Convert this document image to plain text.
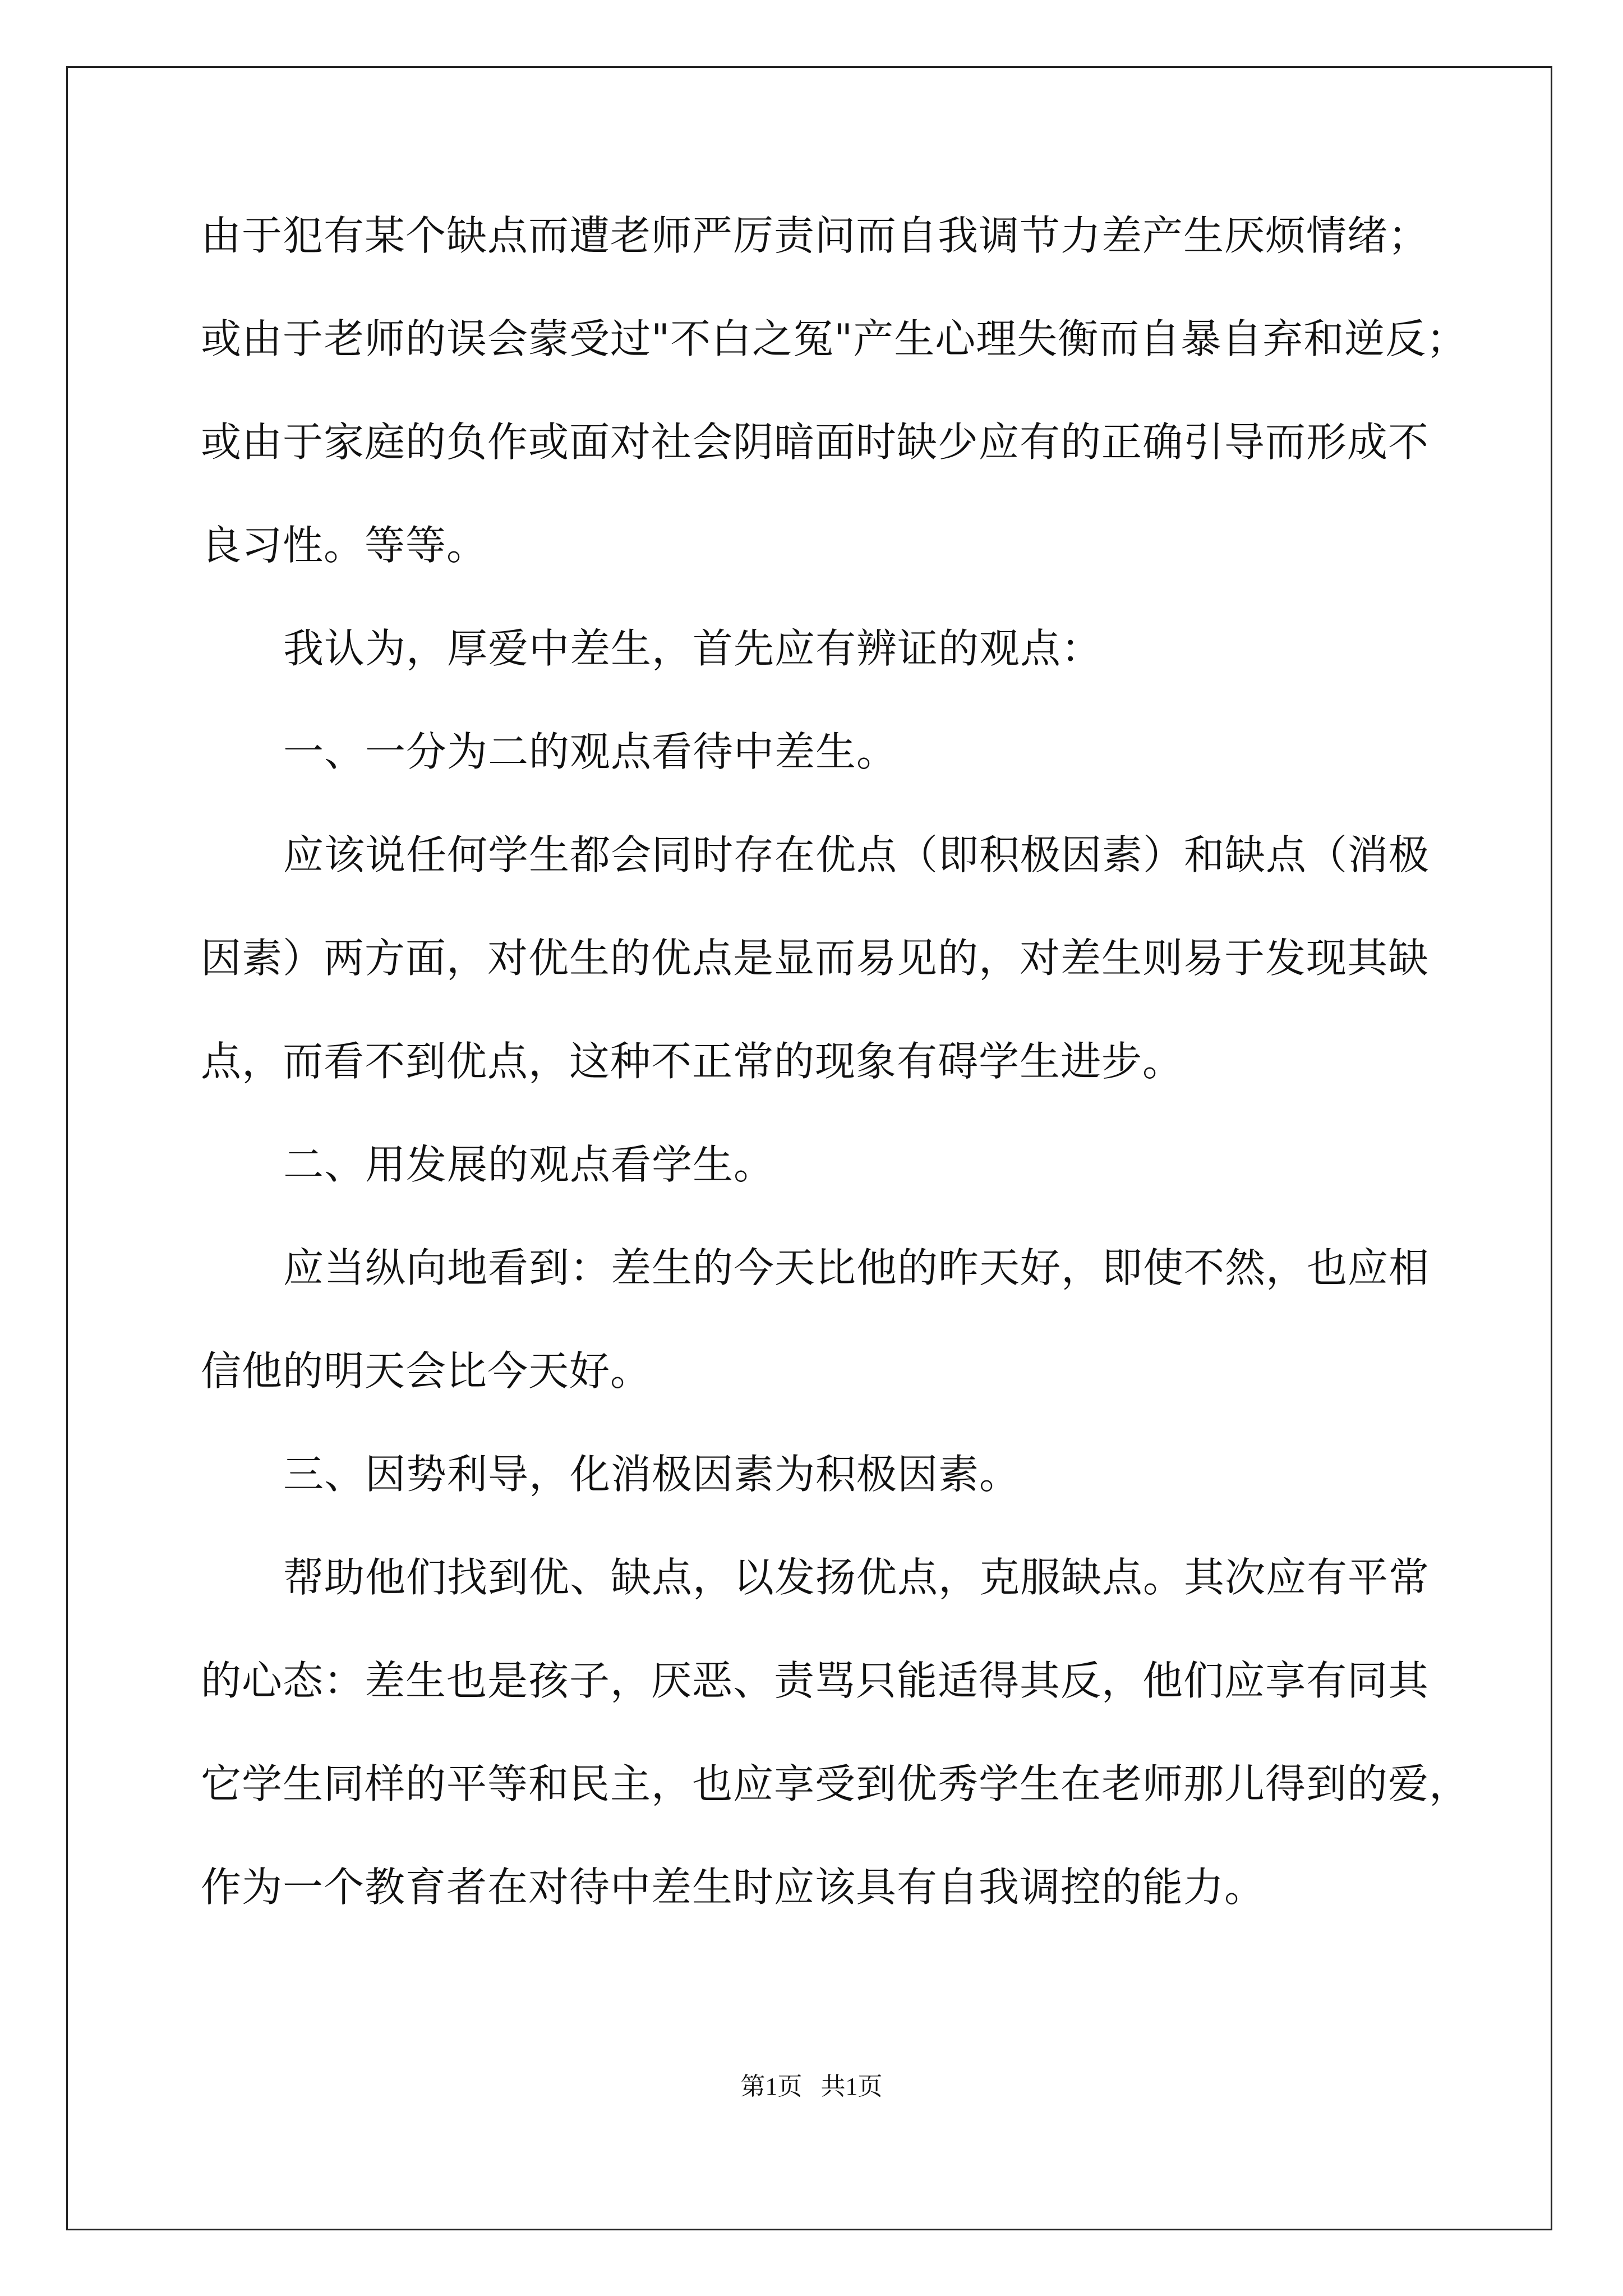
由于犯有某个缺点而遭老师严厉责问而自我调节力差产生厌烦情绪；
或由于老师的误会蒙受过"不白之冤"产生心理失衡而自暴自弃和逆反；
或由于家庭的负作或面对社会阴暗面时缺少应有的正确引导而形成不
良习性。等等。
我认为，厚爱中差生，首先应有辨证的观点：
一、一分为二的观点看待中差生。
应该说任何学生都会同时存在优点（即积极因素）和缺点（消极
因素）两方面，对优生的优点是显而易见的，对差生则易于发现其缺
点，而看不到优点，这种不正常的现象有碍学生进步。
二、用发展的观点看学生。
应当纵向地看到：差生的今天比他的昨天好，即使不然，也应相
信他的明天会比今天好。
三、因势利导，化消极因素为积极因素。
帮助他们找到优、缺点，以发扬优点，克服缺点。其次应有平常
的心态：差生也是孩子，厌恶、责骂只能适得其反，他们应享有同其
它学生同样的平等和民主，也应享受到优秀学生在老师那儿得到的爱，
作为一个教育者在对待中差生时应该具有自我调控的能力。
第1页   共1页
